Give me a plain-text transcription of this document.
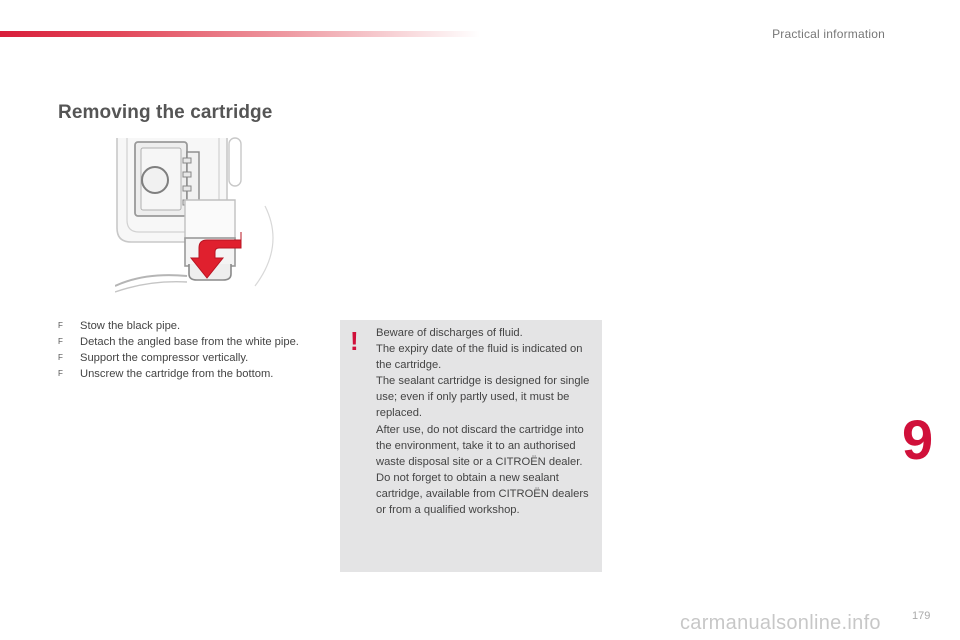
Practical information
Removing the cartridge
F	Stow the black pipe.
F	Detach the angled base from the white pipe.
F	Support the compressor vertically.
F	Unscrew the cartridge from the bottom.
! Beware of discharges of fluid.

The expiry date of the fluid is indicated on the cartridge.

The sealant cartridge is designed for single use; even if only partly used, it must be replaced.

After use, do not discard the cartridge into the environment, take it to an authorised waste disposal site or a CITROËN dealer.

Do not forget to obtain a new sealant cartridge, available from CITROËN dealers or from a qualified workshop.

9
179
carmanualsonline.info
